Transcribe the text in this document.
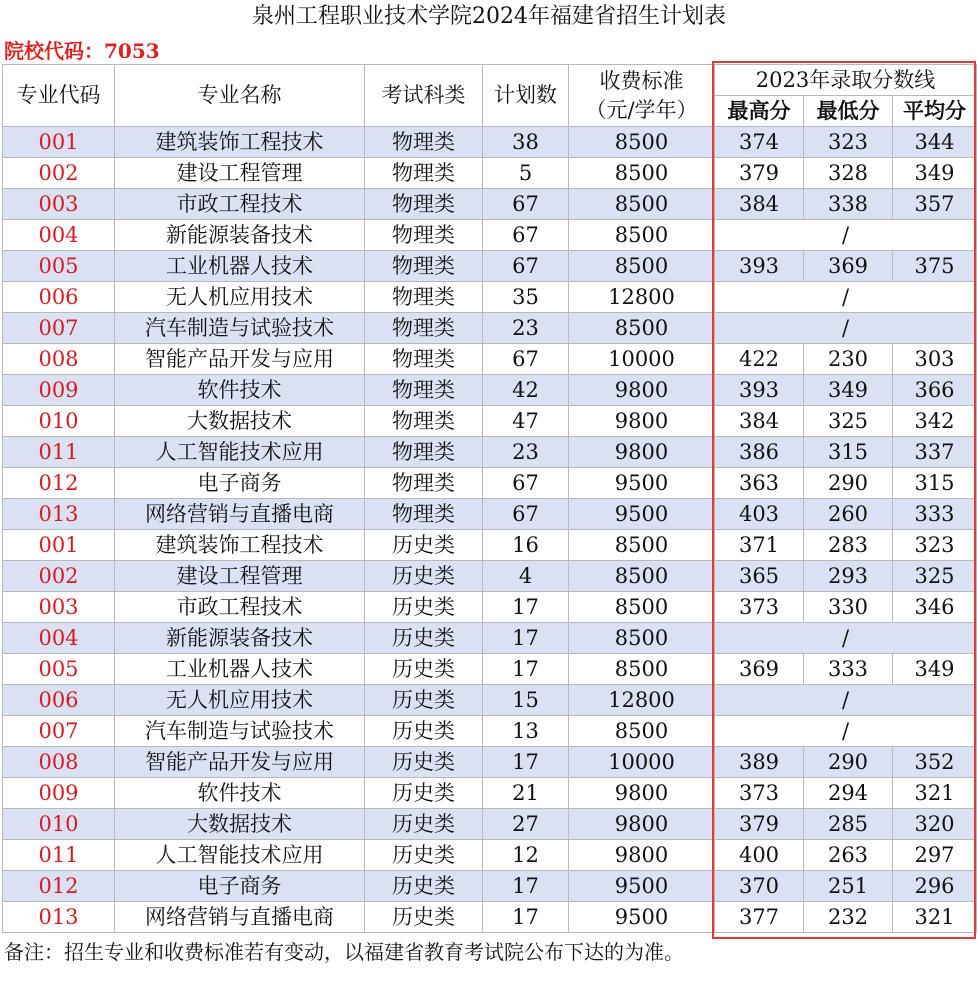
泉州工程职业技术学院2024年福建省招生计划表
院校代码：7053
专业代码	专业名称	考试科类	计划数	收费标准
（元/学年）	2023年录取分数线		
					最高分	最低分	平均分
001	建筑装饰工程技术	物理类	38	8500	374	323	344
002	建设工程管理	物理类	5	8500	379	328	349
003	市政工程技术	物理类	67	8500	384	338	357
004	新能源装备技术	物理类	67	8500	/		
005	工业机器人技术	物理类	67	8500	393	369	375
006	无人机应用技术	物理类	35	12800	/		
007	汽车制造与试验技术	物理类	23	8500	/		
008	智能产品开发与应用	物理类	67	10000	422	230	303
009	软件技术	物理类	42	9800	393	349	366
010	大数据技术	物理类	47	9800	384	325	342
011	人工智能技术应用	物理类	23	9800	386	315	337
012	电子商务	物理类	67	9500	363	290	315
013	网络营销与直播电商	物理类	67	9500	403	260	333
001	建筑装饰工程技术	历史类	16	8500	371	283	323
002	建设工程管理	历史类	4	8500	365	293	325
003	市政工程技术	历史类	17	8500	373	330	346
004	新能源装备技术	历史类	17	8500	/		
005	工业机器人技术	历史类	17	8500	369	333	349
006	无人机应用技术	历史类	15	12800	/		
007	汽车制造与试验技术	历史类	13	8500	/		
008	智能产品开发与应用	历史类	17	10000	389	290	352
009	软件技术	历史类	21	9800	373	294	321
010	大数据技术	历史类	27	9800	379	285	320
011	人工智能技术应用	历史类	12	9800	400	263	297
012	电子商务	历史类	17	9500	370	251	296
013	网络营销与直播电商	历史类	17	9500	377	232	321
备注：招生专业和收费标准若有变动，以福建省教育考试院公布下达的为准。
